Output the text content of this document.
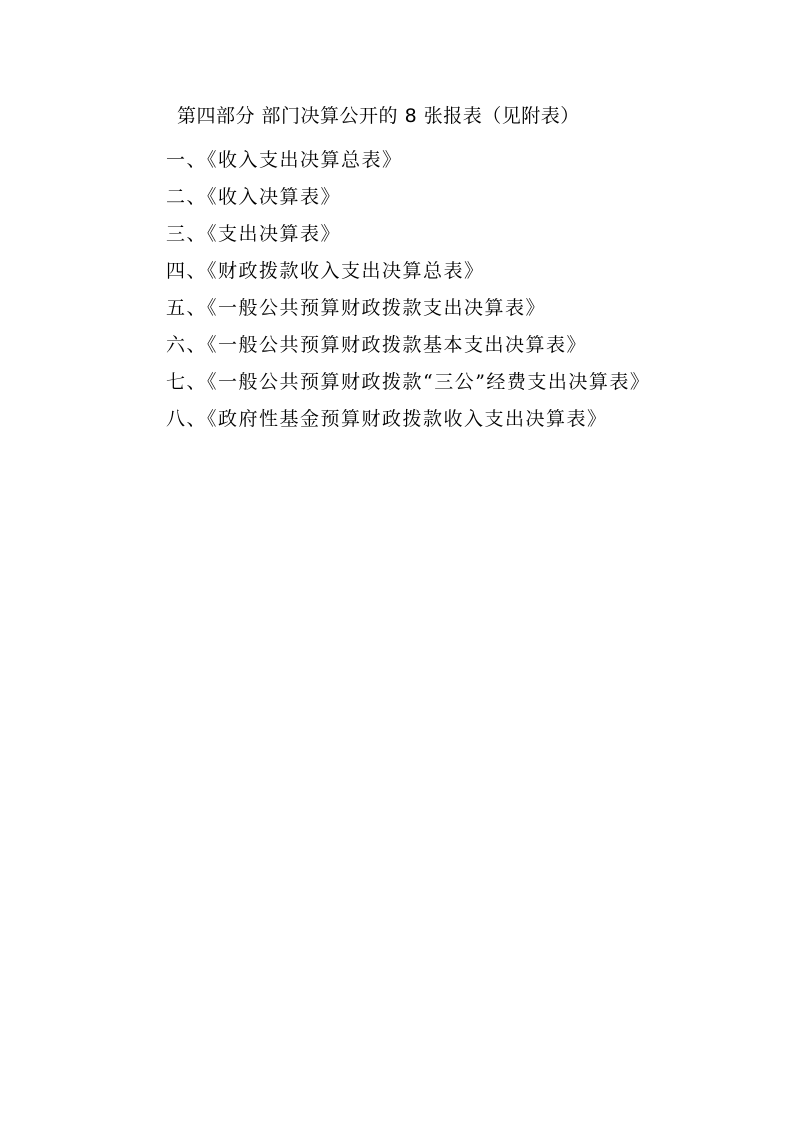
第四部分 部门决算公开的 8 张报表（见附表）
一、《收入支出决算总表》
二、《收入决算表》
三、《支出决算表》
四、《财政拨款收入支出决算总表》
五、《一般公共预算财政拨款支出决算表》
六、《一般公共预算财政拨款基本支出决算表》
七、《一般公共预算财政拨款“三公”经费支出决算表》
八、《政府性基金预算财政拨款收入支出决算表》
